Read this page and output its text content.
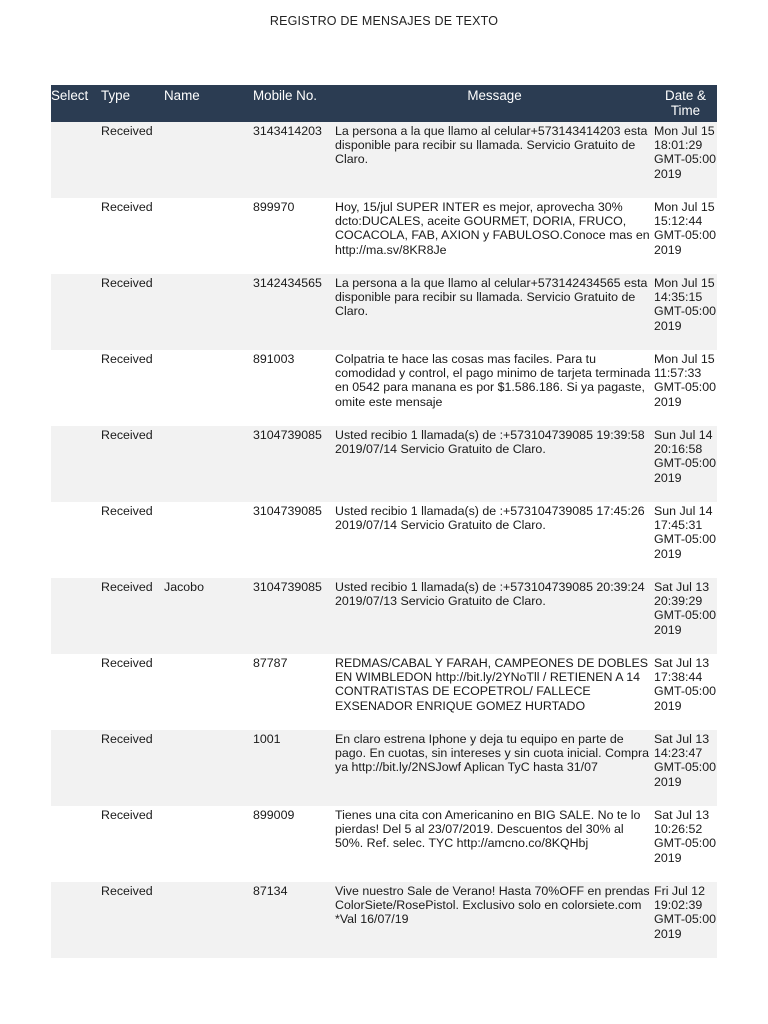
REGISTRO DE MENSAJES DE TEXTO
Select	Type	Name	Mobile No.	Message	Date & Time
	Received		3143414203	La persona a la que llamo al celular+573143414203 esta disponible para recibir su llamada. Servicio Gratuito de Claro.	Mon Jul 15 18:01:29 GMT-05:00 2019
	Received		899970	Hoy, 15/jul SUPER INTER es mejor, aprovecha 30% dcto:DUCALES, aceite GOURMET, DORIA, FRUCO, COCACOLA, FAB, AXION y FABULOSO.Conoce mas en http://ma.sv/8KR8Je	Mon Jul 15 15:12:44 GMT-05:00 2019
	Received		3142434565	La persona a la que llamo al celular+573142434565 esta disponible para recibir su llamada. Servicio Gratuito de Claro.	Mon Jul 15 14:35:15 GMT-05:00 2019
	Received		891003	Colpatria te hace las cosas mas faciles. Para tu comodidad y control, el pago minimo de tarjeta terminada en 0542 para manana es por $1.586.186. Si ya pagaste, omite este mensaje	Mon Jul 15 11:57:33 GMT-05:00 2019
	Received		3104739085	Usted recibio 1 llamada(s) de :+573104739085 19:39:58 2019/07/14 Servicio Gratuito de Claro.	Sun Jul 14 20:16:58 GMT-05:00 2019
	Received		3104739085	Usted recibio 1 llamada(s) de :+573104739085 17:45:26 2019/07/14 Servicio Gratuito de Claro.	Sun Jul 14 17:45:31 GMT-05:00 2019
	Received	Jacobo	3104739085	Usted recibio 1 llamada(s) de :+573104739085 20:39:24 2019/07/13 Servicio Gratuito de Claro.	Sat Jul 13 20:39:29 GMT-05:00 2019
	Received		87787	REDMAS/CABAL Y FARAH, CAMPEONES DE DOBLES EN WIMBLEDON http://bit.ly/2YNoTll / RETIENEN A 14 CONTRATISTAS DE ECOPETROL/ FALLECE EXSENADOR ENRIQUE GOMEZ HURTADO	Sat Jul 13 17:38:44 GMT-05:00 2019
	Received		1001	En claro estrena Iphone y deja tu equipo en parte de pago. En cuotas, sin intereses y sin cuota inicial. Compra ya http://bit.ly/2NSJowf Aplican TyC hasta 31/07	Sat Jul 13 14:23:47 GMT-05:00 2019
	Received		899009	Tienes una cita con Americanino en BIG SALE. No te lo pierdas! Del 5 al 23/07/2019. Descuentos del 30% al 50%. Ref. selec. TYC http://amcno.co/8KQHbj	Sat Jul 13 10:26:52 GMT-05:00 2019
	Received		87134	Vive nuestro Sale de Verano! Hasta 70%OFF en prendas ColorSiete/RosePistol. Exclusivo solo en colorsiete.com *Val 16/07/19	Fri Jul 12 19:02:39 GMT-05:00 2019
